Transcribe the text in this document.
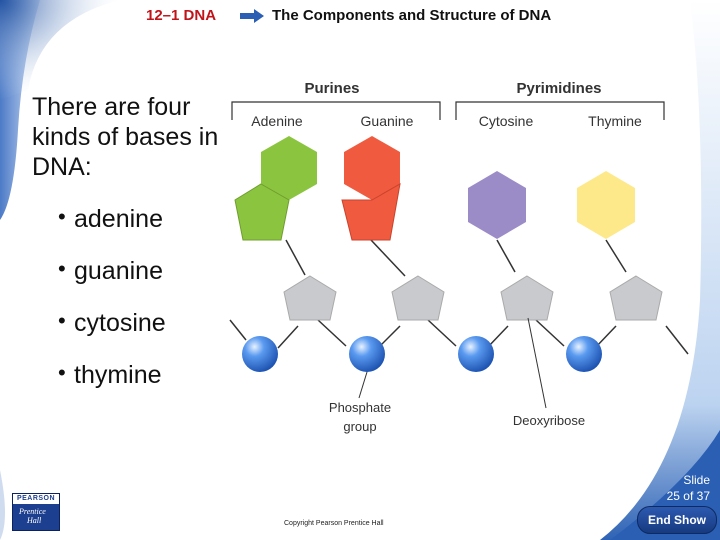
12–1 DNA	The Components and Structure of DNA
There are four kinds of bases in DNA:
• adenine
• guanine
• cytosine
• thymine
Purines	Pyrimidines
Adenine	Guanine	Cytosine	Thymine
Phosphate
group	Deoxyribose
PEARSON
Prentice
Hall	Copyright Pearson Prentice Hall
Slide
25 of 37
End Show
